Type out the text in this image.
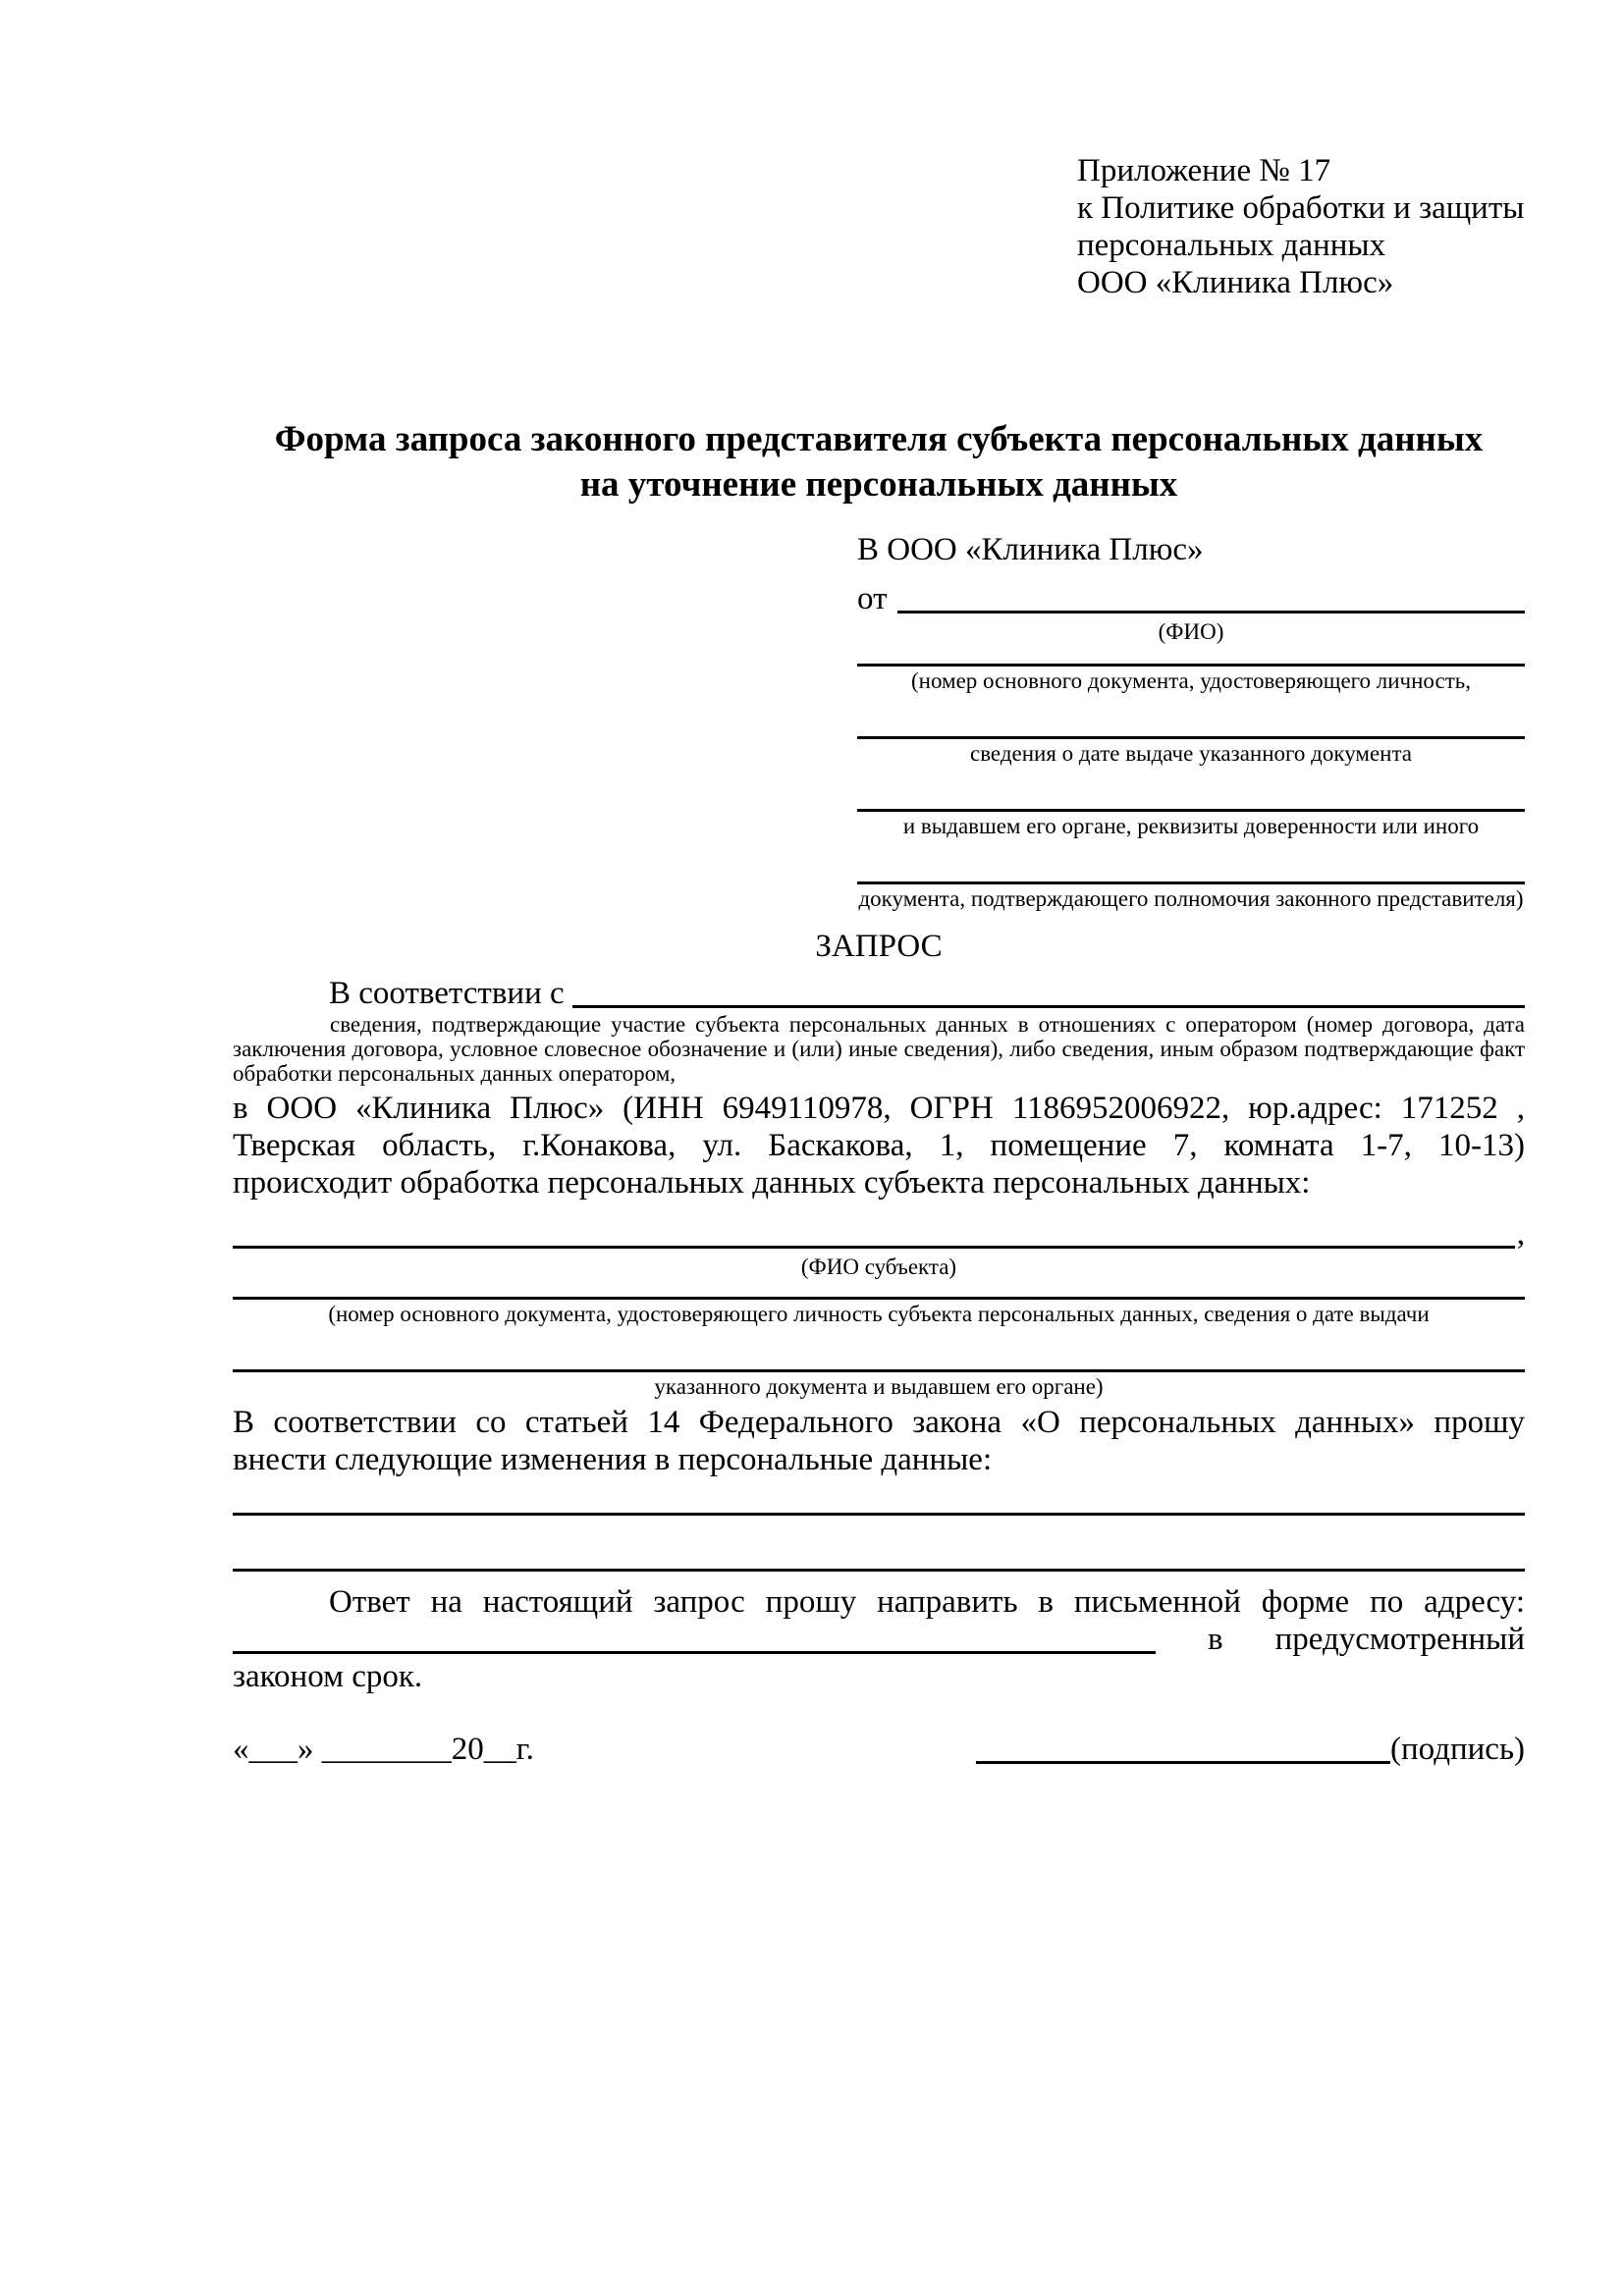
Приложение № 17
к Политике обработки и защиты
персональных данных
ООО «Клиника Плюс»
Форма запроса законного представителя субъекта персональных данных
на уточнение персональных данных
В ООО «Клиника Плюс»
от
(ФИО)
(номер основного документа, удостоверяющего личность,
сведения о дате выдаче указанного документа
и выдавшем его органе, реквизиты доверенности или иного
документа, подтверждающего полномочия законного представителя)
ЗАПРОС
В соответствии с
сведения, подтверждающие участие субъекта персональных данных в отношениях с оператором (номер договора, дата
заключения договора, условное словесное обозначение и (или) иные сведения), либо сведения, иным образом подтверждающие факт
обработки персональных данных оператором,
в ООО «Клиника Плюс» (ИНН 6949110978, ОГРН 1186952006922, юр.адрес: 171252 ,
Тверская область, г.Конакова, ул. Баскакова, 1, помещение 7, комната 1-7, 10-13)
происходит обработка персональных данных субъекта персональных данных:
,
(ФИО субъекта)
(номер основного документа, удостоверяющего личность субъекта персональных данных, сведения о дате выдачи
указанного документа и выдавшем его органе)
В соответствии со статьей 14 Федерального закона «О персональных данных» прошу
внести следующие изменения в персональные данные:
Ответ на настоящий запрос прошу направить в письменной форме по адресу:
в предусмотренный
законом срок.
«___» ________20__г.	(подпись)
